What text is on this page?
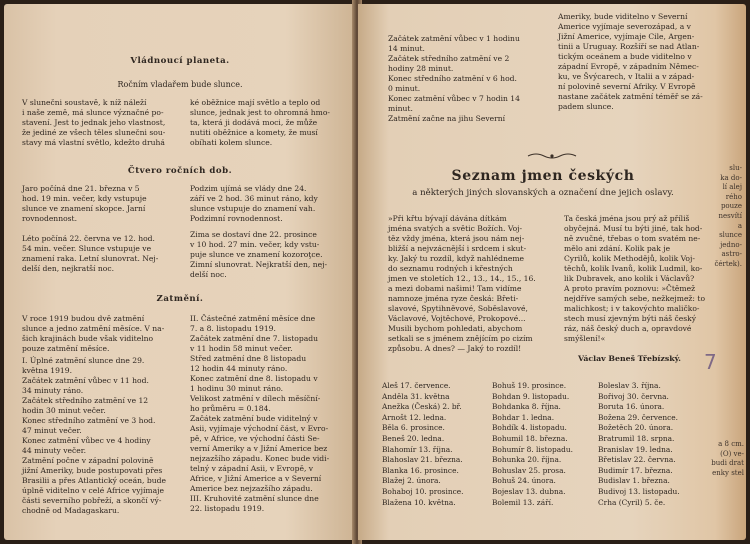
Vládnoucí planeta.

Ročním vladařem bude slunce.

V slunečni soustavě, k níž náleží
i naše země, má slunce význačné po-
stavení. Jest to jednak jeho vlastnost,
že jediné ze všech těles slunečni sou-
stavy má vlastní světlo, kdežto druhá

ké oběžnice mají světlo a teplo od
slunce, jednak jest to ohromná hmo-
ta, která ji dodává moci, že může
nutiti oběžnice a komety, že musí
obíhati kolem slunce.

Čtvero ročních dob.

Jaro počíná dne 21. března v 5
hod. 19 min. večer, kdy vstupuje
slunce ve znamení skopce. Jarní
rovnodennost.

Léto počíná 22. června ve 12. hod.
54 min. večer. Slunce vstupuje ve
znamení raka. Letní slunovrat. Nej-
delší den, nejkratší noc.

Podzim ujímá se vlády dne 24.
září ve 2 hod. 36 minut ráno, kdy
slunce vstupuje do znamení vah.
Podzimní rovnodennost.

Zima se dostaví dne 22. prosince
v 10 hod. 27 min. večer, kdy vstu-
puje slunce ve znamení kozoroţce.
Zimní slunovrat. Nejkratší den, nej-
delší noc.

Zatmění.

V roce 1919 budou dvě zatmění
slunce a jedno zatmění měsíce. V na-
šich krajinách bude však viditelno
pouze zatmění měsíce.

I. Úplné zatmění slunce dne 29.
května 1919.
Začátek zatmění vůbec v 11 hod.
34 minuty ráno.
Začátek středního zatmění ve 12
hodin 30 minut večer.
Konec středního zatmění ve 3 hod.
47 minut večer.
Konec zatmění vůbec ve 4 hodiny
44 minuty večer.
Zatmění počne v západní polovině
jižní Ameriky, bude postupovati přes
Brasilii a přes Atlantický oceán, bude
úplně viditelno v celé Africe vyjímaje
části severního pobřeží, a skončí vý-
chodně od Madagaskaru.

II. Částečné zatmění měsíce dne
7. a 8. listopadu 1919.
Začátek zatmění dne 7. listopadu
v 11 hodin 58 minut večer.
Střed zatmění dne 8 listopadu
12 hodin 44 minuty ráno.
Konec zatmění dne 8. listopadu v
1 hodinu 30 minut ráno.
Velikost zatmění v dílech měsíční-
ho průměru = 0.184.
Začátek zatmění bude viditelný v
Asii, vyjímaje východní část, v Evro-
pě, v Africe, ve východní části Se-
verní Ameriky a v Jižní Americe bez
nejzazšího západu. Konec bude vidi-
telný v západní Asii, v Evropě, v
Africe, v Jižní Americe a v Severní
Americe bez nejzazšího západu.
III. Kruhovité zatmění slunce dne
22. listopadu 1919.

Začátek zatmění vůbec v 1 hodinu
14 minut.
Začátek středního zatmění ve 2
hodiny 28 minut.
Konec středního zatmění v 6 hod.
0 minut.
Konec zatmění vůbec v 7 hodin 14
minut.
Zatmění začne na jihu Severní

Ameriky, bude viditelno v Severní
Americe vyjímaje severozápad, a v
Jižní Americe, vyjímaje Cile, Argen-
tinii a Uruguay. Rozšíří se nad Atlan-
tickým oceánem a bude viditelno v
západní Evropě, v západním Němec-
ku, ve Švýcarech, v Italii a v západ-
ní polovině severní Afriky. V Evropě
nastane začátek zatmění téměř se zá-
padem slunce.

Seznam jmen českých
a některých jiných slovanských a označení dne jejich oslavy.

»Při křtu bývají dávána dítkám
jména svatých a světic Božích. Voj-
těz vždy jména, která jsou nám nej-
bližší a nejvzácnější i srdcem i skut-
ky. Jaký tu rozdíl, když nahlédneme
do seznamu rodných i křestných
jmen ve stoletích 12., 13., 14., 15., 16.
a mezi dobami našimi! Tam vidíme
namnoze jména ryze česká: Břeti-
slavové, Spytihněvové, Soběslavové,
Václavové, Vojtěchové, Prokopové...
Musili bychom pohledati, abychom
setkali se s jménem znějícím po cizím
způsobu. A dnes? — Jaký to rozdíl!

Ta česká jména jsou prý až příliš
obyčejná. Musí tu býti jiné, tak hod-
ně zvučné, třebas o tom svatém ne-
mělo ani zdání. Kolik pak je
Cyrilů, kolik Methodějů, kolik Voj-
těchů, kolik Ivanů, kolik Ludmil, ko-
lik Dubravek, ano kolik i Václavů?
A proto pravím poznovu: »Čtěmež
nejdříve samých sebe, nežkejmež: to
malichkost; i v takovýchto maličko-
stech musí zjevným býti náš český
ráz, náš český duch a, opravdové
smýšlení!«

Václav Beneš Třebízský.

Aleš 17. července.
Anděla 31. května
Anežka (Česká) 2. bř.
Arnošt 12. ledna.
Běla 6. prosince.
Beneš 20. ledna.
Blahomír 13. října.
Blahoslav 21. března.
Blanka 16. prosince.
Blažej 2. února.
Bohaboj 10. prosince.
Blažena 10. května.
Bohuš 19. prosince.
Bohdan 9. listopadu.
Bohdanka 8. října.
Bohdar 1. ledna.
Bohdík 4. listopadu.
Bohumil 18. března.
Bohumír 8. listopadu.
Bohunka 20. října.
Bohuslav 25. prosa.
Bohuš 24. února.
Bojeslav 13. dubna.
Bolemil 13. září.
Boleslav 3. října.
Bořivoj 30. června.
Boruta 16. února.
Božena 29. července.
Božetěch 20. února.
Bratrumil 18. srpna.
Branislav 19. ledna.
Břetislav 22. června.
Budimír 17. března.
Budislav 1. března.
Budivoj 13. listopadu.
Crha (Cyril) 5. če.

slu-
ka do-
lí alej
rého
pouze
nesvítí
a
slunce
jedno-
astro-
čértek).

a 8 cm.
(O) ve-
budi drat
enky stel

7
